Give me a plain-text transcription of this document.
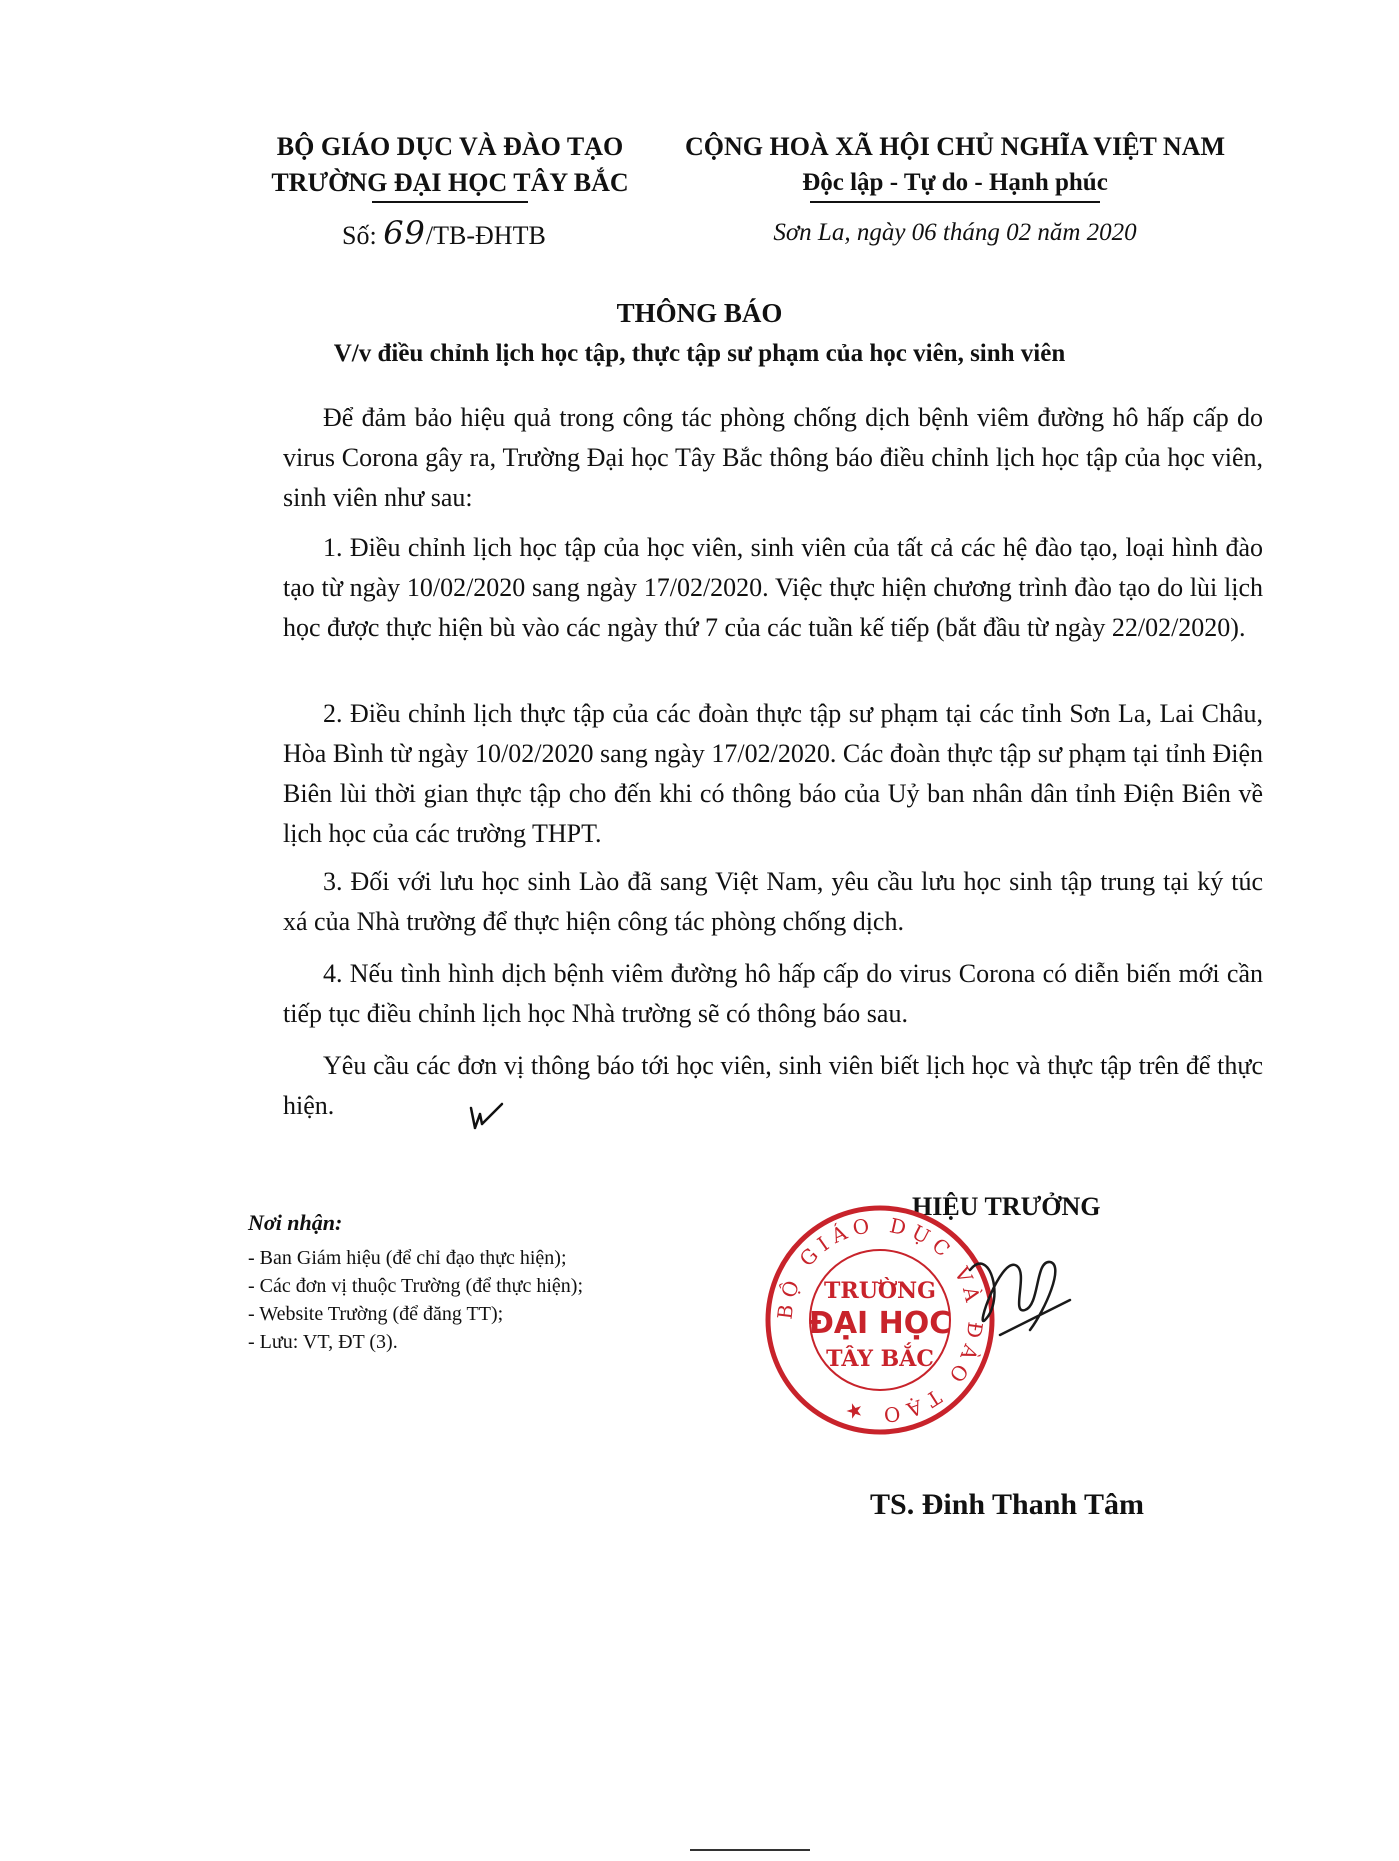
BỘ GIÁO DỤC VÀ ĐÀO TẠO
TRƯỜNG ĐẠI HỌC TÂY BẮC
Số: 69/TB-ĐHTB
CỘNG HOÀ XÃ HỘI CHỦ NGHĨA VIỆT NAM
Độc lập - Tự do - Hạnh phúc
Sơn La, ngày 06 tháng 02 năm 2020
THÔNG BÁO
V/v điều chỉnh lịch học tập, thực tập sư phạm của học viên, sinh viên
Để đảm bảo hiệu quả trong công tác phòng chống dịch bệnh viêm đường hô hấp cấp do virus Corona gây ra, Trường Đại học Tây Bắc thông báo điều chỉnh lịch học tập của học viên, sinh viên như sau:
1. Điều chỉnh lịch học tập của học viên, sinh viên của tất cả các hệ đào tạo, loại hình đào tạo từ ngày 10/02/2020 sang ngày 17/02/2020. Việc thực hiện chương trình đào tạo do lùi lịch học được thực hiện bù vào các ngày thứ 7 của các tuần kế tiếp (bắt đầu từ ngày 22/02/2020).
2. Điều chỉnh lịch thực tập của các đoàn thực tập sư phạm tại các tỉnh Sơn La, Lai Châu, Hòa Bình từ ngày 10/02/2020 sang ngày 17/02/2020. Các đoàn thực tập sư phạm tại tỉnh Điện Biên lùi thời gian thực tập cho đến khi có thông báo của Uỷ ban nhân dân tỉnh Điện Biên về lịch học của các trường THPT.
3. Đối với lưu học sinh Lào đã sang Việt Nam, yêu cầu lưu học sinh tập trung tại ký túc xá của Nhà trường để thực hiện công tác phòng chống dịch.
4. Nếu tình hình dịch bệnh viêm đường hô hấp cấp do virus Corona có diễn biến mới cần tiếp tục điều chỉnh lịch học Nhà trường sẽ có thông báo sau.
Yêu cầu các đơn vị thông báo tới học viên, sinh viên biết lịch học và thực tập trên để thực hiện.
Nơi nhận:
- Ban Giám hiệu (để chỉ đạo thực hiện);
- Các đơn vị thuộc Trường (để thực hiện);
- Website Trường (để đăng TT);
- Lưu: VT, ĐT (3).
HIỆU TRƯỞNG
BỘ GIÁO DỤC VÀ ĐÀO TẠO ★
TRƯỜNG
ĐẠI HỌC
TÂY BẮC
TS. Đinh Thanh Tâm
